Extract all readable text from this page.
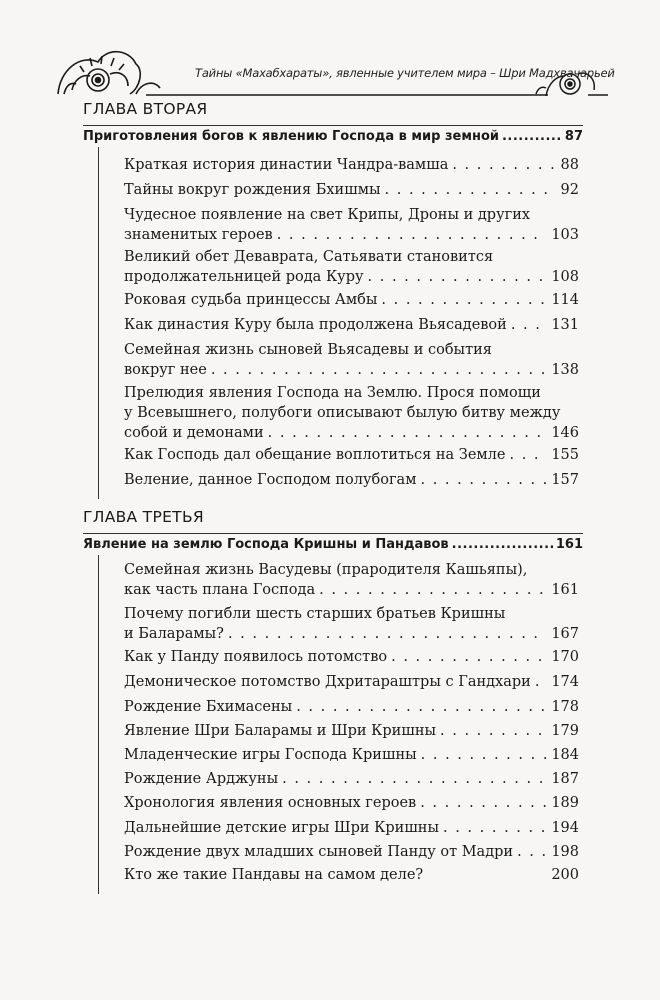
Тайны «Махабхараты», явленные учителем мира – Шри Мадхвачарьей
ГЛАВА ВТОРАЯ
Приготовления богов к явлению Господа в мир земной .....	87
Краткая история династии Чандра-вамша . . .	88
Тайны вокруг рождения Бхишмы . . .	92
Чудесное появление на свет Крипы, Дроны и других
знаменитых героев . . .	103
Великий обет Деваврата, Сатьявати становится
продолжательницей рода Куру . . .	108
Роковая судьба принцессы Амбы . . .	114
Как династия Куру была продолжена Вьясадевой . . .	131
Семейная жизнь сыновей Вьясадевы и события
вокруг нее . . .	138
Прелюдия явления Господа на Землю. Прося помощи
у Всевышнего, полубоги описывают былую битву между
собой и демонами . . .	146
Как Господь дал обещание воплотиться на Земле . . .	155
Веление, данное Господом полубогам . . .	157
ГЛАВА ТРЕТЬЯ
Явление на землю Господа Кришны и Пандавов .....	161
Семейная жизнь Васудевы (прародителя Кашьяпы),
как часть плана Господа . . .	161
Почему погибли шесть старших братьев Кришны
и Баларамы? . . .	167
Как у Панду появилось потомство . . .	170
Демоническое потомство Дхритараштры с Гандхари . . . 174
Рождение Бхимасены . . .	178
Явление Шри Баларамы и Шри Кришны . . .	179
Младенческие игры Господа Кришны . . .	184
Рождение Арджуны . . .	187
Хронология явления основных героев . . .	189
Дальнейшие детские игры Шри Кришны . . .	194
Рождение двух младших сыновей Панду от Мадри . . .	198
Кто же такие Пандавы на самом деле?	200
